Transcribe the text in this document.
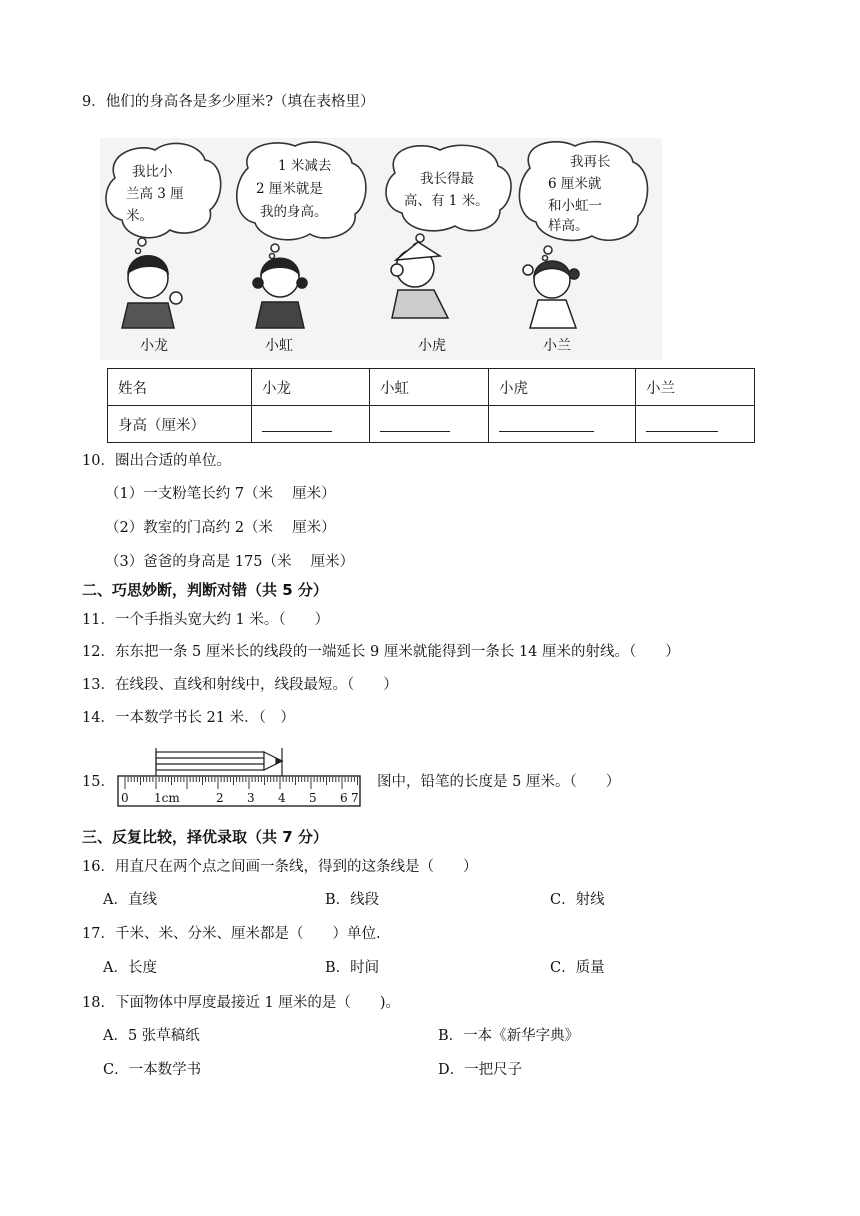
9．他们的身高各是多少厘米?（填在表格里）
我比小
兰高 3 厘
米。
1 米减去
2 厘米就是
我的身高。
我长得最
高、有 1 米。
我再长
6 厘米就
和小虹一
样高。
小龙	小虹	小虎	小兰
姓名	小龙	小虹	小虎	小兰
身高（厘米）				
10．圈出合适的单位。
（1）一支粉笔长约 7（米　 厘米）
（2）教室的门高约 2（米　 厘米）
（3）爸爸的身高是 175（米　 厘米）
二、巧思妙断，判断对错（共 5 分）
11．一个手指头宽大约 1 米。（　　）
12．东东把一条 5 厘米长的线段的一端延长 9 厘米就能得到一条长 14 厘米的射线。（　　）
13．在线段、直线和射线中，线段最短。（　　）
14．一本数学书长 21 米．（　）
15．
0 1cm	2 3 4 5 6 7
图中，铅笔的长度是 5 厘米。（　　）
三、反复比较，择优录取（共 7 分）
16．用直尺在两个点之间画一条线，得到的这条线是（　　）
A．直线	B．线段	C．射线
17．千米、米、分米、厘米都是（　　）单位.
A．长度	B．时间	C．质量
18．下面物体中厚度最接近 1 厘米的是（　　)。
A．5 张草稿纸	B．一本《新华字典》
C．一本数学书	D．一把尺子
